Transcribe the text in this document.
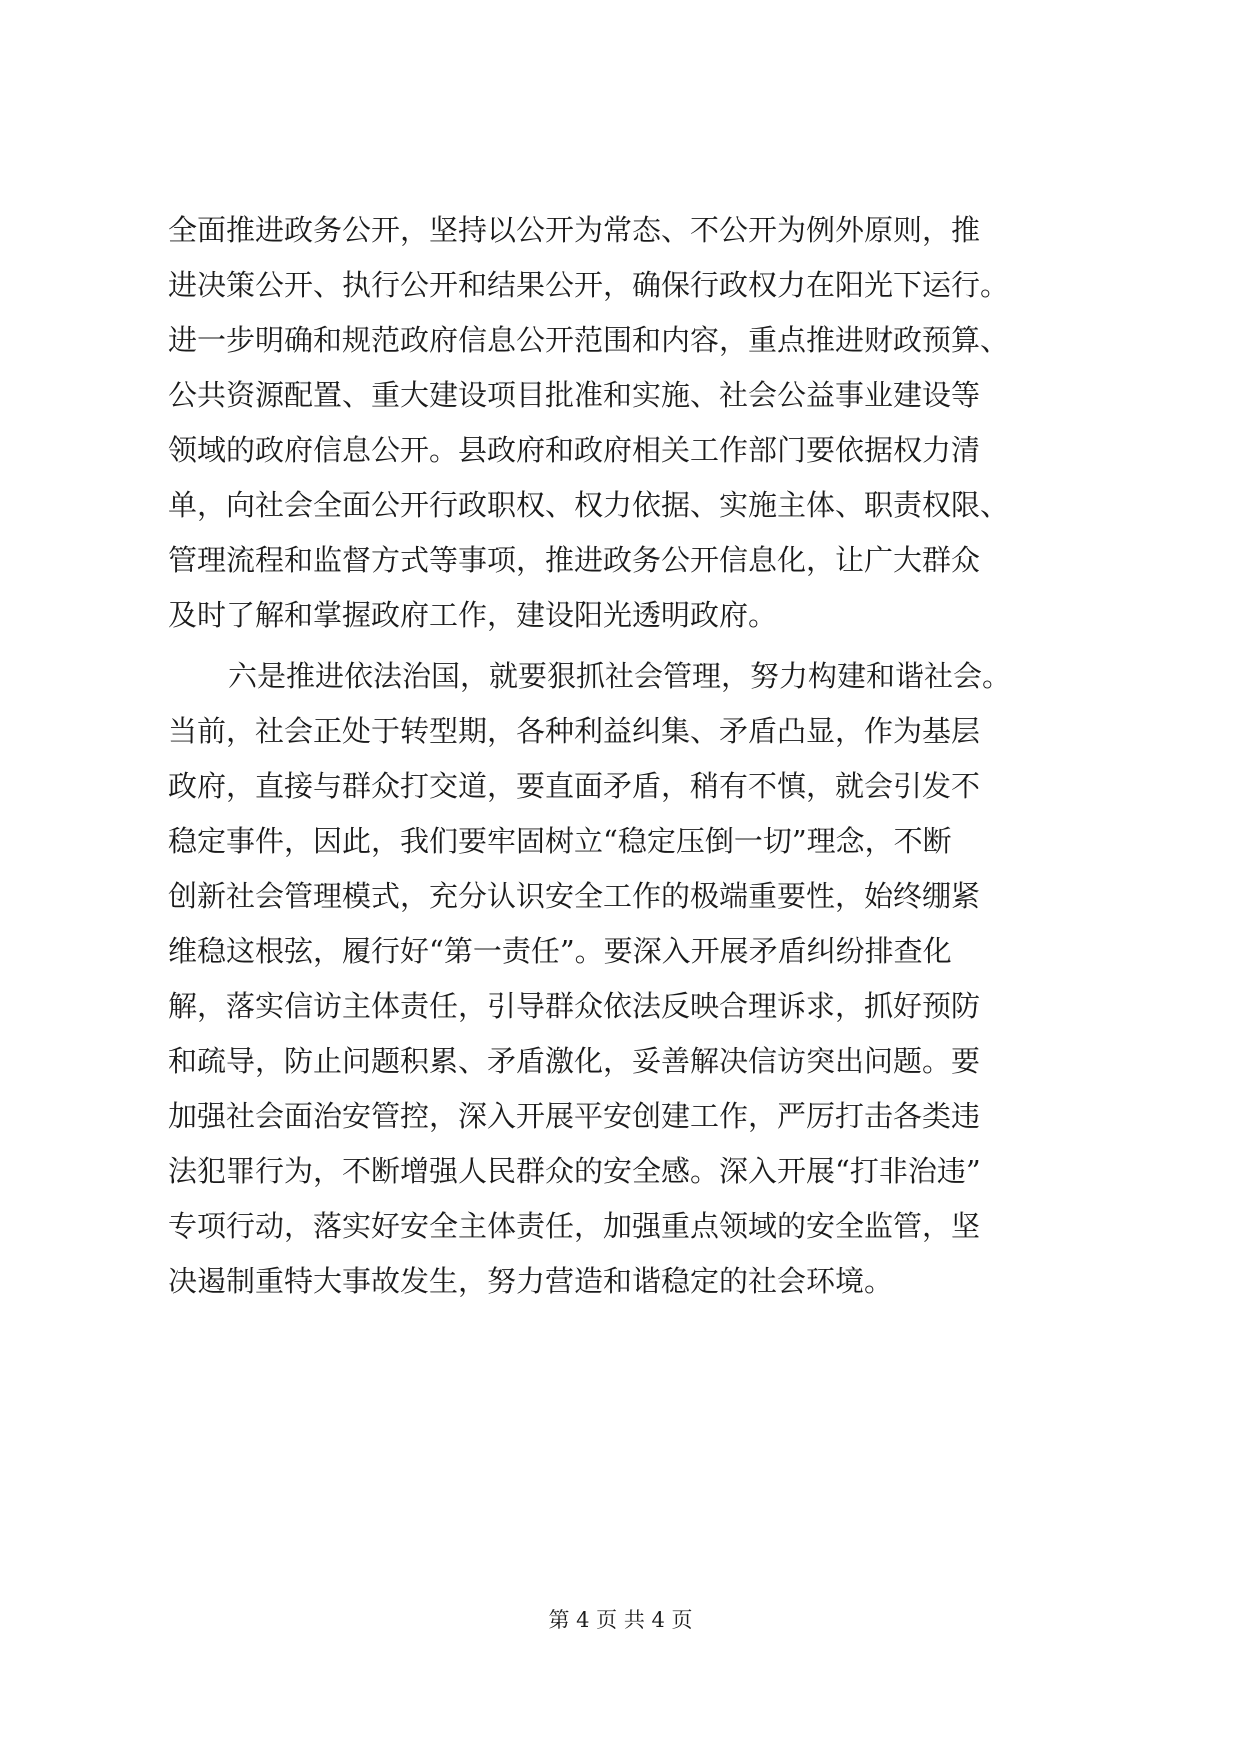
全面推进政务公开，坚持以公开为常态、不公开为例外原则，推
进决策公开、执行公开和结果公开，确保行政权力在阳光下运行。
进一步明确和规范政府信息公开范围和内容，重点推进财政预算、
公共资源配置、重大建设项目批准和实施、社会公益事业建设等
领域的政府信息公开。县政府和政府相关工作部门要依据权力清
单，向社会全面公开行政职权、权力依据、实施主体、职责权限、
管理流程和监督方式等事项，推进政务公开信息化，让广大群众
及时了解和掌握政府工作，建设阳光透明政府。
六是推进依法治国，就要狠抓社会管理，努力构建和谐社会。
当前，社会正处于转型期，各种利益纠集、矛盾凸显，作为基层
政府，直接与群众打交道，要直面矛盾，稍有不慎，就会引发不
稳定事件，因此，我们要牢固树立“稳定压倒一切”理念，不断
创新社会管理模式，充分认识安全工作的极端重要性，始终绷紧
维稳这根弦，履行好“第一责任”。要深入开展矛盾纠纷排查化
解，落实信访主体责任，引导群众依法反映合理诉求，抓好预防
和疏导，防止问题积累、矛盾激化，妥善解决信访突出问题。要
加强社会面治安管控，深入开展平安创建工作，严厉打击各类违
法犯罪行为，不断增强人民群众的安全感。深入开展“打非治违”
专项行动，落实好安全主体责任，加强重点领域的安全监管，坚
决遏制重特大事故发生，努力营造和谐稳定的社会环境。
第 4 页 共 4 页
